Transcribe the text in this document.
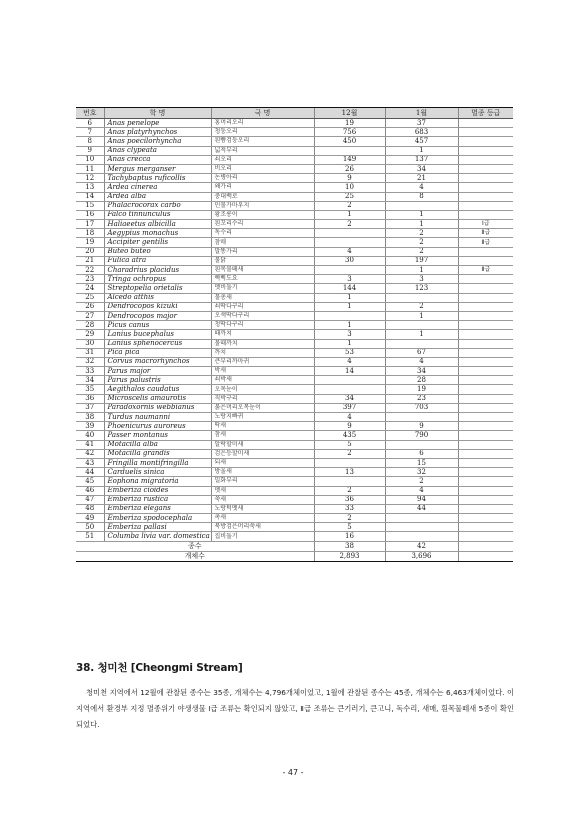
번호	학 명	국 명	12월	1월	멸종 등급
6	Anas penelope	홍머리오리	19	37	
7	Anas platyrhynchos	청둥오리	756	683	
8	Anas poecilorhyncha	흰뺨검둥오리	450	457	
9	Anas clypeata	넓적부리		1	
10	Anas crecca	쇠오리	149	137	
11	Mergus merganser	비오리	26	34	
12	Tachybaptus ruficollis	논병아리	9	21	
13	Ardea cinerea	왜가리	10	4	
14	Ardea alba	중대백로	25	8	
15	Phalacrocorax carbo	민물가마우지	2		
16	Falco tinnunculus	황조롱이	1	1	
17	Haliaeetus albicilla	흰꼬리수리	2	1	Ⅰ급
18	Aegypius monachus	독수리		2	Ⅱ급
19	Accipiter gentilis	참매		2	Ⅱ급
20	Buteo buteo	말똥가리	4	2	
21	Fulica atra	물닭	30	197	
22	Charadrius placidus	흰목물떼새		1	Ⅱ급
23	Tringa ochropus	삑삑도요	3	3	
24	Streptopelia orietalis	멧비둘기	144	123	
25	Alcedo atthis	물총새	1		
26	Dendrocopos kizuki	쇠딱다구리	1	2	
27	Dendrocopos major	오색딱다구리		1	
28	Picus canus	청딱다구리	1		
29	Lanius bucephalus	때까치	3	1	
30	Lanius sphenocercus	물때까치	1		
31	Pica pica	까치	53	67	
32	Corvus macrorhynchos	큰부리까마귀	4	4	
33	Parus major	박새	14	34	
34	Parus palustris	쇠박새		28	
35	Aegithalos caudatus	오목눈이		19	
36	Microscelis amaurotis	직박구리	34	23	
37	Paradoxornis webbianus	붉은머리오목눈이	397	703	
38	Turdus naumanni	노랑지빠귀	4		
39	Phoenicurus auroreus	딱새	9	9	
40	Passer montanus	참새	435	790	
41	Motacilla alba	알락할미새	5		
42	Motacilla grandis	검은등할미새	2	6	
43	Fringilla montifringilla	되새		15	
44	Carduelis sinica	방울새	13	32	
45	Eophona migratoria	밀화부리		2	
46	Emberiza cioides	멧새	2	4	
47	Emberiza rustica	쑥새	36	94	
48	Emberiza elegans	노랑턱멧새	33	44	
49	Emberiza spodocephala	촉새	2		
50	Emberiza pallasi	북방검은머리쑥새	5		
51	Columba livia var. domestica	집비둘기	16		
종수			38	42	
개체수			2,893	3,696	
38. 청미천 [Cheongmi Stream]

청미천 지역에서 12월에 관찰된 종수는 35종, 개체수는 4,796개체이었고, 1월에 관찰된 종수는 45종, 개체수는 6,463개체이었다. 이 지역에서 환경부 지정 멸종위기 야생생물 Ⅰ급 조류는 확인되지 않았고, Ⅱ급 조류는 큰기러기, 큰고니, 독수리, 새매, 흰목물떼새 5종이 확인되었다.

- 47 -
